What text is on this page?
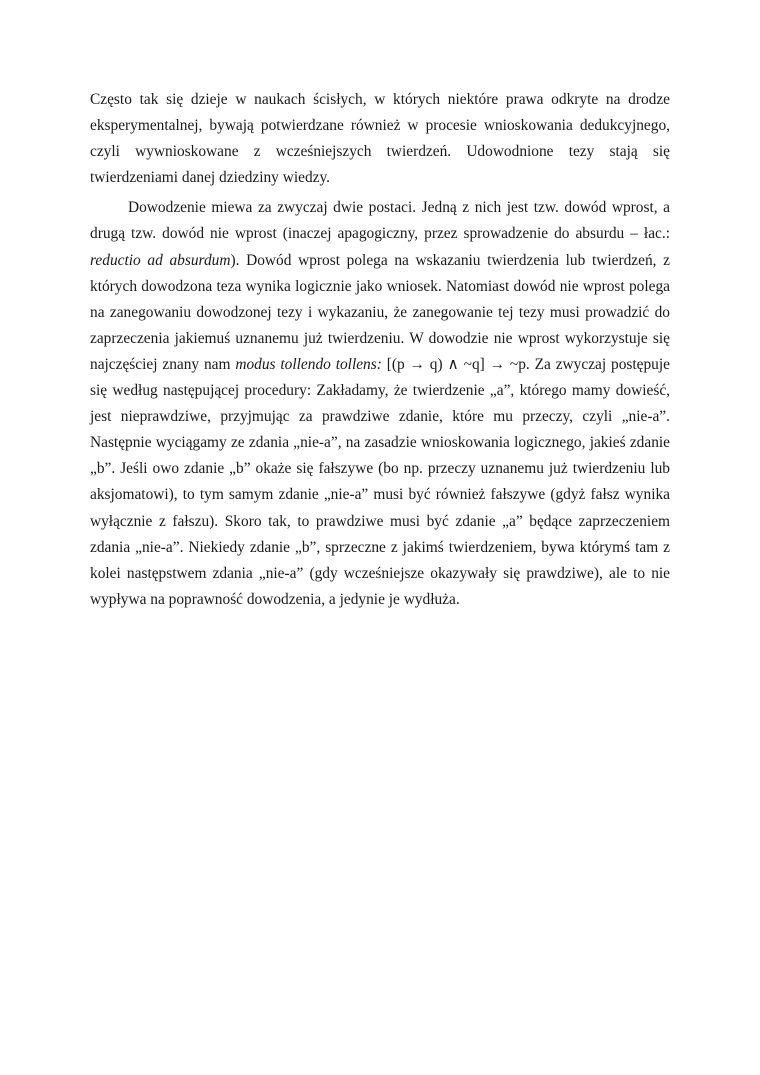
Często tak się dzieje w naukach ścisłych, w których niektóre prawa odkryte na drodze eksperymentalnej, bywają potwierdzane również w procesie wnioskowania dedukcyjnego, czyli wywnioskowane z wcześniejszych twierdzeń. Udowodnione tezy stają się twierdzeniami danej dziedziny wiedzy.

Dowodzenie miewa za zwyczaj dwie postaci. Jedną z nich jest tzw. dowód wprost, a drugą tzw. dowód nie wprost (inaczej apagogiczny, przez sprowadzenie do absurdu – łac.: reductio ad absurdum). Dowód wprost polega na wskazaniu twierdzenia lub twierdzeń, z których dowodzona teza wynika logicznie jako wniosek. Natomiast dowód nie wprost polega na zanegowaniu dowodzonej tezy i wykazaniu, że zanegowanie tej tezy musi prowadzić do zaprzeczenia jakiemuś uznanemu już twierdzeniu. W dowodzie nie wprost wykorzystuje się najczęściej znany nam modus tollendo tollens: [(p → q) ∧ ~q] → ~p. Za zwyczaj postępuje się według następującej procedury: Zakładamy, że twierdzenie „a”, którego mamy dowieść, jest nieprawdziwe, przyjmując za prawdziwe zdanie, które mu przeczy, czyli „nie-a”. Następnie wyciągamy ze zdania „nie-a”, na zasadzie wnioskowania logicznego, jakieś zdanie „b”. Jeśli owo zdanie „b” okaże się fałszywe (bo np. przeczy uznanemu już twierdzeniu lub aksjomatowi), to tym samym zdanie „nie-a” musi być również fałszywe (gdyż fałsz wynika wyłącznie z fałszu). Skoro tak, to prawdziwe musi być zdanie „a” będące zaprzeczeniem zdania „nie-a”. Niekiedy zdanie „b”, sprzeczne z jakimś twierdzeniem, bywa którymś tam z kolei następstwem zdania „nie-a” (gdy wcześniejsze okazywały się prawdziwe), ale to nie wypływa na poprawność dowodzenia, a jedynie je wydłuża.
